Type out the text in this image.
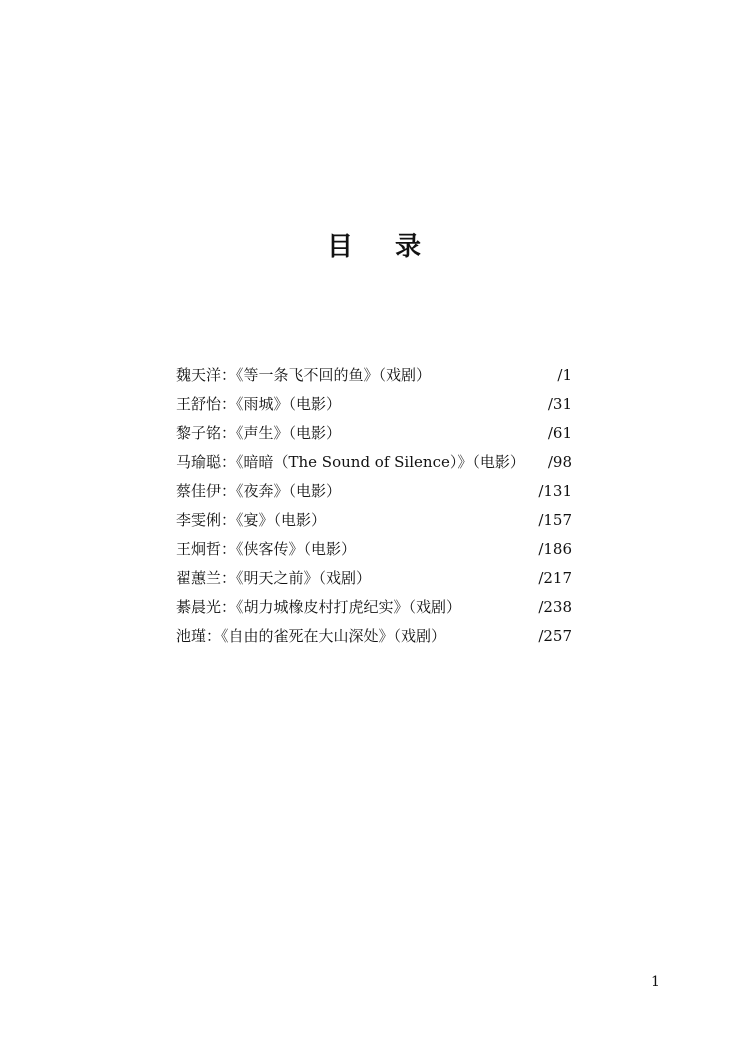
目 录
魏天洋：《等一条飞不回的鱼》（戏剧）	/1
王舒怡：《雨城》（电影）	/31
黎子铭：《声生》（电影）	/61
马瑜聪：《暗暗（The Sound of Silence）》（电影） /98
蔡佳伊：《夜奔》（电影）	/131
李雯俐：《宴》（电影）	/157
王炯哲：《侠客传》（电影）	/186
翟蕙兰：《明天之前》（戏剧）	/217
綦晨光：《胡力城橡皮村打虎纪实》（戏剧）	/238
池瑾：《自由的雀死在大山深处》（戏剧）	/257
1
